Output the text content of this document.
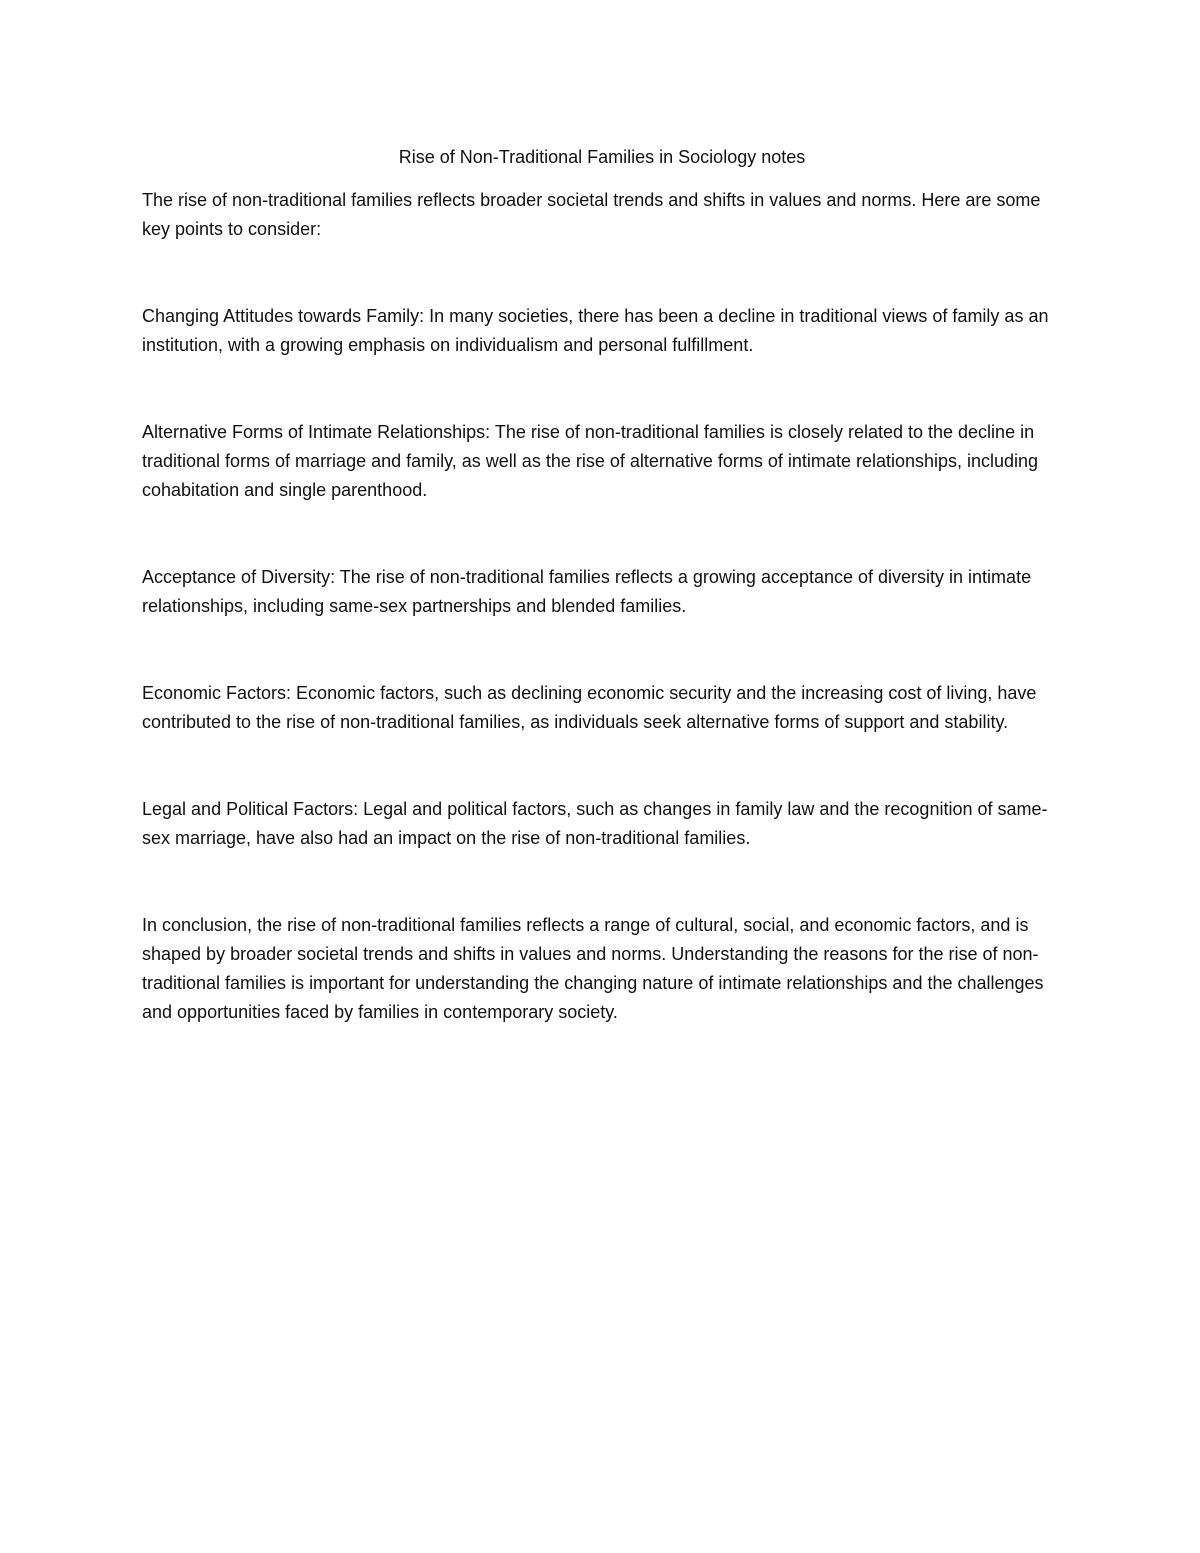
Rise of Non-Traditional Families in Sociology notes

The rise of non-traditional families reflects broader societal trends and shifts in values and norms. Here are some key points to consider:

Changing Attitudes towards Family: In many societies, there has been a decline in traditional views of family as an institution, with a growing emphasis on individualism and personal fulfillment.

Alternative Forms of Intimate Relationships: The rise of non-traditional families is closely related to the decline in traditional forms of marriage and family, as well as the rise of alternative forms of intimate relationships, including cohabitation and single parenthood.

Acceptance of Diversity: The rise of non-traditional families reflects a growing acceptance of diversity in intimate relationships, including same-sex partnerships and blended families.

Economic Factors: Economic factors, such as declining economic security and the increasing cost of living, have contributed to the rise of non-traditional families, as individuals seek alternative forms of support and stability.

Legal and Political Factors: Legal and political factors, such as changes in family law and the recognition of same-sex marriage, have also had an impact on the rise of non-traditional families.

In conclusion, the rise of non-traditional families reflects a range of cultural, social, and economic factors, and is shaped by broader societal trends and shifts in values and norms. Understanding the reasons for the rise of non-traditional families is important for understanding the changing nature of intimate relationships and the challenges and opportunities faced by families in contemporary society.
